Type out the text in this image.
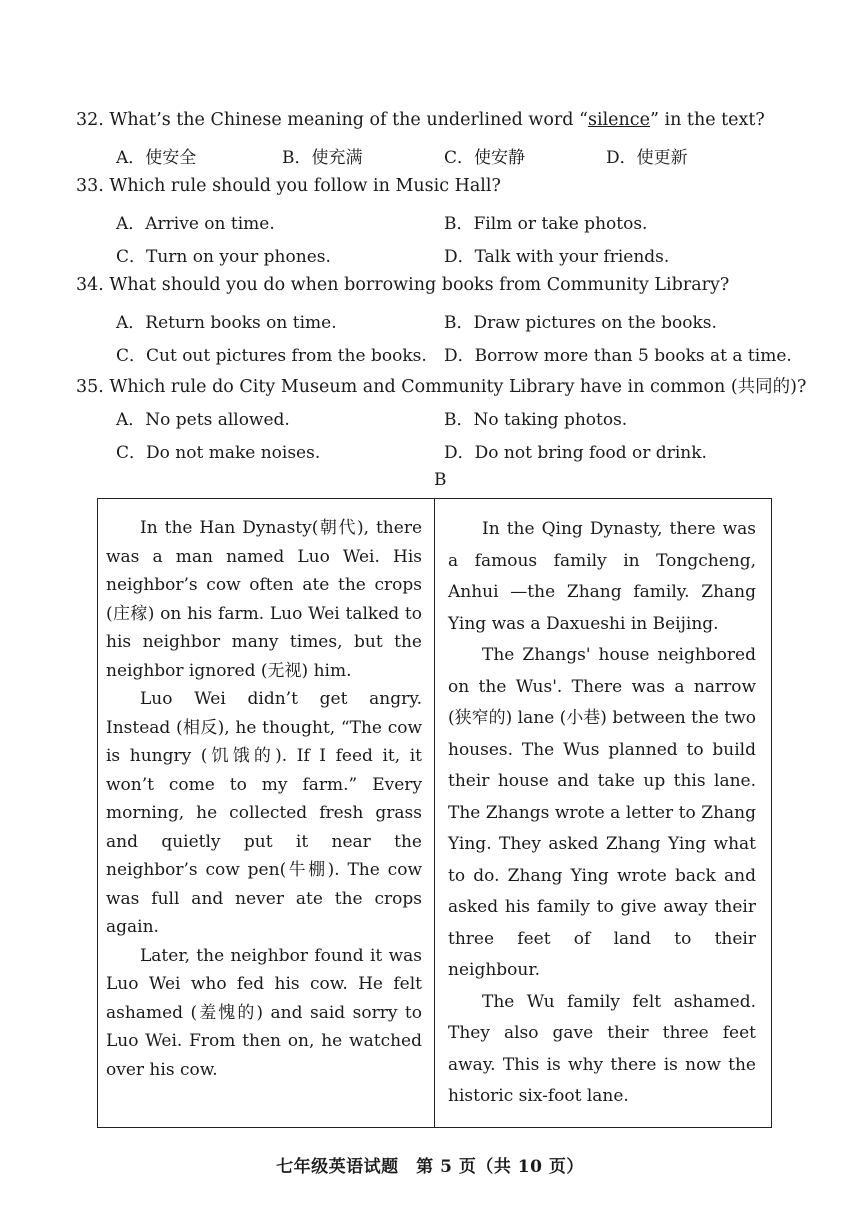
32. What’s the Chinese meaning of the underlined word “silence” in the text?
A．使安全	B．使充满	C．使安静	D．使更新
33. Which rule should you follow in Music Hall?
A．Arrive on time.	B．Film or take photos.
C．Turn on your phones.	D．Talk with your friends.
34. What should you do when borrowing books from Community Library?
A．Return books on time.	B．Draw pictures on the books.
C．Cut out pictures from the books. D．Borrow more than 5 books at a time.
35. Which rule do City Museum and Community Library have in common (共同的)?
A．No pets allowed.	B．No taking photos.
C．Do not make noises.	D．Do not bring food or drink.
B

In the Han Dynasty(朝代), there was a man named Luo Wei. His neighbor’s cow often ate the crops (庄稼) on his farm. Luo Wei talked to his neighbor many times, but the neighbor ignored (无视) him.

Luo Wei didn’t get angry. Instead (相反), he thought, “The cow is hungry (饥饿的). If I feed it, it won’t come to my farm.” Every morning, he collected fresh grass and quietly put it near the neighbor’s cow pen(牛棚). The cow was full and never ate the crops again.

Later, the neighbor found it was Luo Wei who fed his cow. He felt ashamed (羞愧的) and said sorry to Luo Wei. From then on, he watched over his cow.

In the Qing Dynasty, there was a famous family in Tongcheng, Anhui —the Zhang family. Zhang Ying was a Daxueshi in Beijing.

The Zhangs' house neighbored on the Wus'. There was a narrow (狭窄的) lane (小巷) between the two houses. The Wus planned to build their house and take up this lane. The Zhangs wrote a letter to Zhang Ying. They asked Zhang Ying what to do. Zhang Ying wrote back and asked his family to give away their three feet of land to their neighbour.

The Wu family felt ashamed. They also gave their three feet away. This is why there is now the historic six-foot lane.

七年级英语试题　第 5 页（共 10 页）
